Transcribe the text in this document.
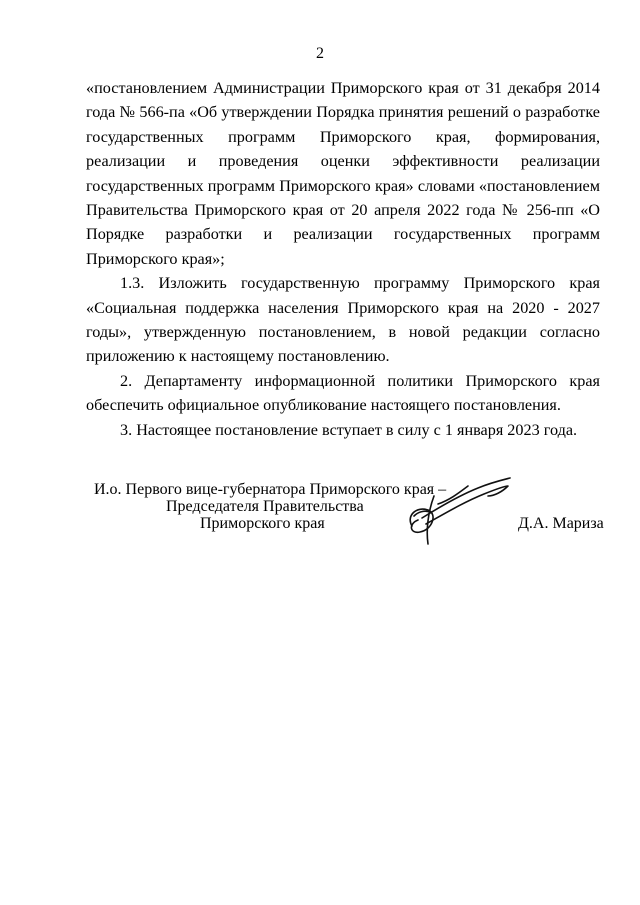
2

«постановлением Администрации Приморского края от 31 декабря 2014 года № 566-па «Об утверждении Порядка принятия решений о разработке государственных программ Приморского края, формирования, реализации и проведения оценки эффективности реализации государственных программ Приморского края» словами «постановлением Правительства Приморского края от 20 апреля 2022 года № 256-пп «О Порядке разработки и реализации государственных программ Приморского края»;

1.3. Изложить государственную программу Приморского края «Социальная поддержка населения Приморского края на 2020 - 2027 годы», утвержденную постановлением, в новой редакции согласно приложению к настоящему постановлению.

2. Департаменту информационной политики Приморского края обеспечить официальное опубликование настоящего постановления.

3. Настоящее постановление вступает в силу с 1 января 2023 года.

И.о. Первого вице-губернатора Приморского края –
Председателя Правительства
Приморского края	Д.А. Мариза
